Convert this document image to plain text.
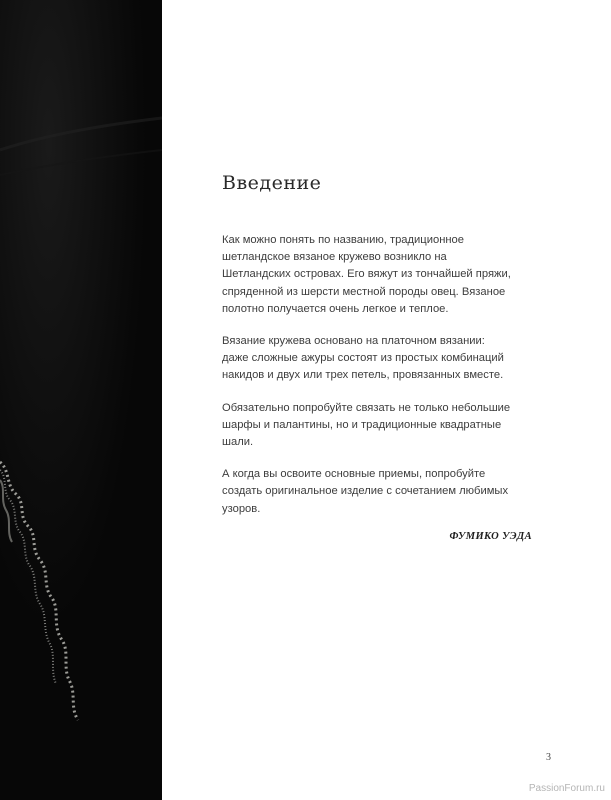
Введение

Как можно понять по названию, традиционное шетландское вязаное кружево возникло на Шетландских островах. Его вяжут из тончайшей пряжи, спряденной из шерсти местной породы овец. Вязаное полотно получается очень легкое и теплое.

Вязание кружева основано на платочном вязании: даже сложные ажуры состоят из простых комбинаций накидов и двух или трех петель, провязанных вместе.

Обязательно попробуйте связать не только небольшие шарфы и палантины, но и традиционные квадратные шали.

А когда вы освоите основные приемы, попробуйте создать оригинальное изделие с сочетанием любимых узоров.

ФУМИКО УЭДА
3
PassionForum.ru
